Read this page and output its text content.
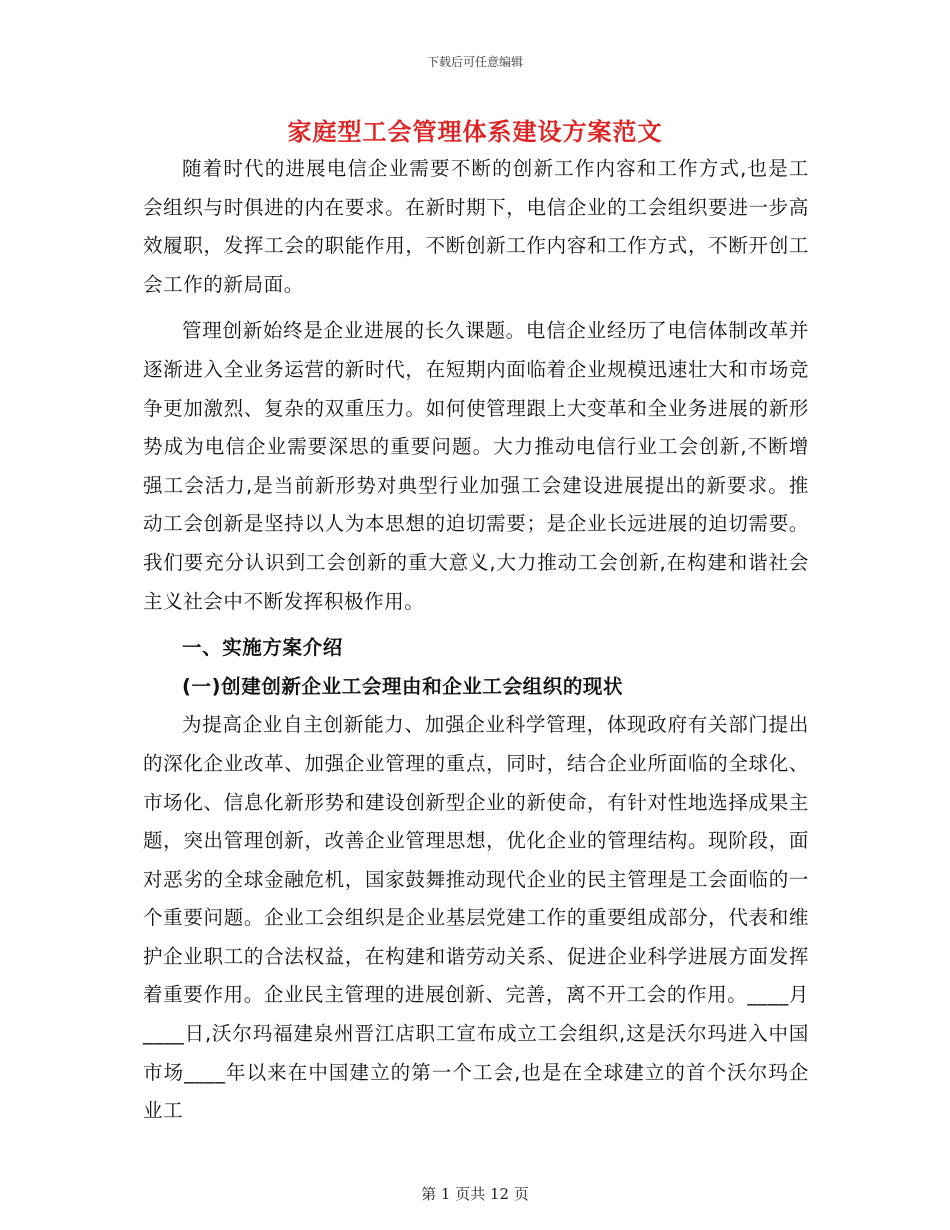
下载后可任意编辑
家庭型工会管理体系建设方案范文

随着时代的进展电信企业需要不断的创新工作内容和工作方式,也是工会组织与时俱进的内在要求。在新时期下，电信企业的工会组织要进一步高效履职，发挥工会的职能作用，不断创新工作内容和工作方式，不断开创工会工作的新局面。

管理创新始终是企业进展的长久课题。电信企业经历了电信体制改革并逐渐进入全业务运营的新时代，在短期内面临着企业规模迅速壮大和市场竞争更加激烈、复杂的双重压力。如何使管理跟上大变革和全业务进展的新形势成为电信企业需要深思的重要问题。大力推动电信行业工会创新,不断增强工会活力,是当前新形势对典型行业加强工会建设进展提出的新要求。推动工会创新是坚持以人为本思想的迫切需要；是企业长远进展的迫切需要。我们要充分认识到工会创新的重大意义,大力推动工会创新,在构建和谐社会主义社会中不断发挥积极作用。

一、实施方案介绍
(一)创建创新企业工会理由和企业工会组织的现状

为提高企业自主创新能力、加强企业科学管理，体现政府有关部门提出的深化企业改革、加强企业管理的重点，同时，结合企业所面临的全球化、市场化、信息化新形势和建设创新型企业的新使命，有针对性地选择成果主题，突出管理创新，改善企业管理思想，优化企业的管理结构。现阶段，面对恶劣的全球金融危机，国家鼓舞推动现代企业的民主管理是工会面临的一个重要问题。企业工会组织是企业基层党建工作的重要组成部分，代表和维护企业职工的合法权益，在构建和谐劳动关系、促进企业科学进展方面发挥着重要作用。企业民主管理的进展创新、完善，离不开工会的作用。____月____日,沃尔玛福建泉州晋江店职工宣布成立工会组织,这是沃尔玛进入中国市场____年以来在中国建立的第一个工会,也是在全球建立的首个沃尔玛企业工

第 1 页共 12 页
